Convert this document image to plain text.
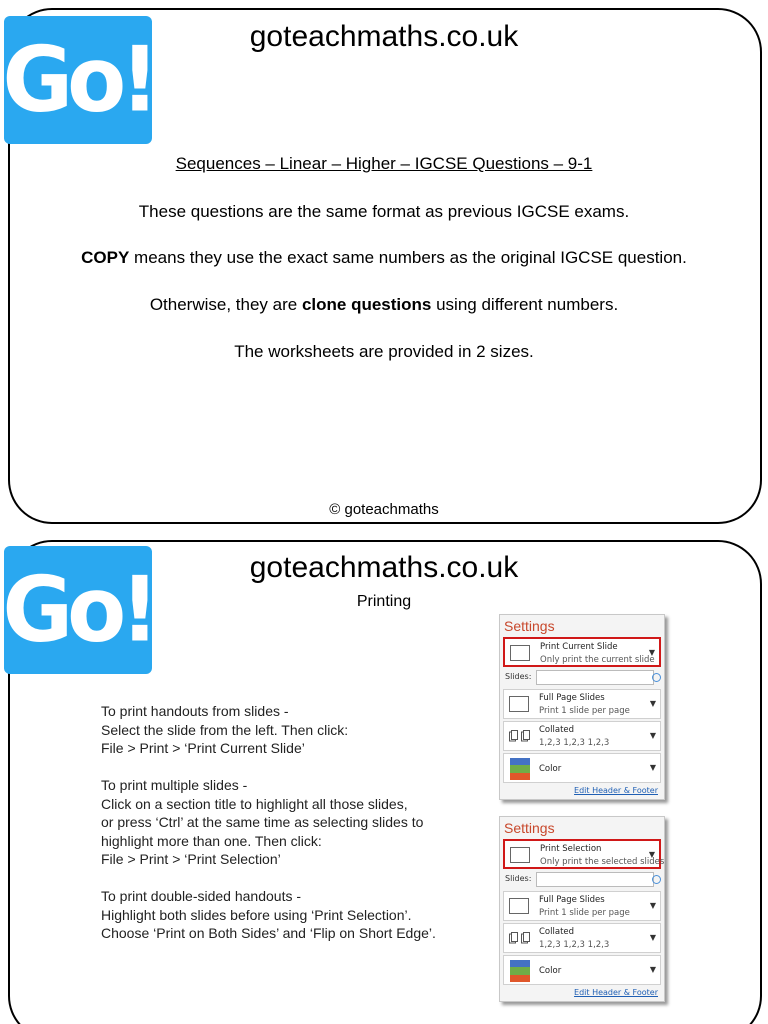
Go!	goteachmaths.co.uk
Sequences – Linear – Higher – IGCSE Questions – 9-1
These questions are the same format as previous IGCSE exams.
COPY means they use the exact same numbers as the original IGCSE question.
Otherwise, they are clone questions using different numbers.
The worksheets are provided in 2 sizes.
© goteachmaths
Go!	goteachmaths.co.uk
Printing
To print handouts from slides -
Select the slide from the left. Then click:
File > Print > ‘Print Current Slide’
To print multiple slides -
Click on a section title to highlight all those slides,
or press ‘Ctrl’ at the same time as selecting slides to
highlight more than one. Then click:
File > Print > ‘Print Selection’
To print double-sided handouts -
Highlight both slides before using ‘Print Selection’.
Choose ‘Print on Both Sides’ and ‘Flip on Short Edge’.
Settings
Print Current Slide
Only print the current slide
▼
Slides:
Full Page Slides
Print 1 slide per page
▼
Collated
1,2,3 1,2,3 1,2,3
▼
Color	▼
Edit Header & Footer
Settings
Print Selection
Only print the selected slides
▼
Slides:
Full Page Slides
Print 1 slide per page
▼
Collated
1,2,3 1,2,3 1,2,3
▼
Color	▼
Edit Header & Footer
